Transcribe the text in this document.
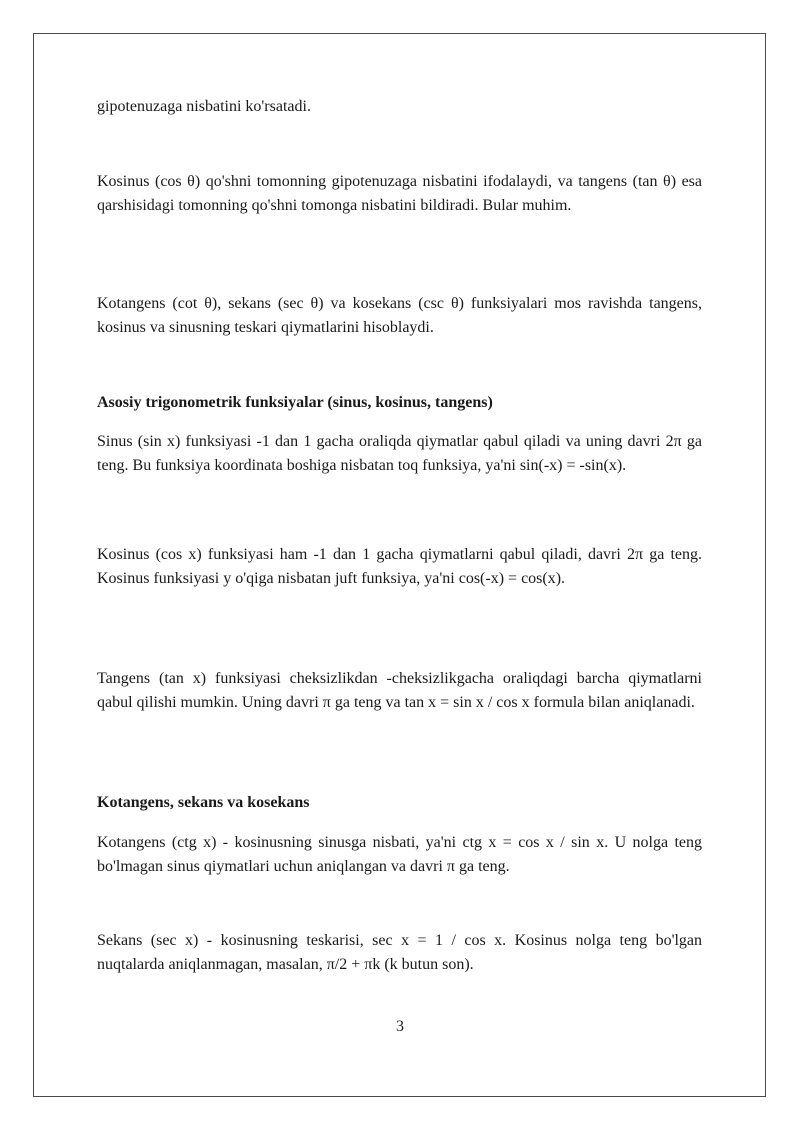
gipotenuzaga nisbatini ko'rsatadi.

Kosinus (cos θ) qo'shni tomonning gipotenuzaga nisbatini ifodalaydi, va tangens (tan θ) esa qarshisidagi tomonning qo'shni tomonga nisbatini bildiradi. Bular muhim.

Kotangens (cot θ), sekans (sec θ) va kosekans (csc θ) funksiyalari mos ravishda tangens, kosinus va sinusning teskari qiymatlarini hisoblaydi.

Asosiy trigonometrik funksiyalar (sinus, kosinus, tangens)

Sinus (sin x) funksiyasi -1 dan 1 gacha oraliqda qiymatlar qabul qiladi va uning davri 2π ga teng. Bu funksiya koordinata boshiga nisbatan toq funksiya, ya'ni sin(-x) = -sin(x).

Kosinus (cos x) funksiyasi ham -1 dan 1 gacha qiymatlarni qabul qiladi, davri 2π ga teng. Kosinus funksiyasi y o'qiga nisbatan juft funksiya, ya'ni cos(-x) = cos(x).

Tangens (tan x) funksiyasi cheksizlikdan -cheksizlikgacha oraliqdagi barcha qiymatlarni qabul qilishi mumkin. Uning davri π ga teng va tan x = sin x / cos x formula bilan aniqlanadi.

Kotangens, sekans va kosekans

Kotangens (ctg x) - kosinusning sinusga nisbati, ya'ni ctg x = cos x / sin x. U nolga teng bo'lmagan sinus qiymatlari uchun aniqlangan va davri π ga teng.

Sekans (sec x) - kosinusning teskarisi, sec x = 1 / cos x. Kosinus nolga teng bo'lgan nuqtalarda aniqlanmagan, masalan, π/2 + πk (k butun son).

3
